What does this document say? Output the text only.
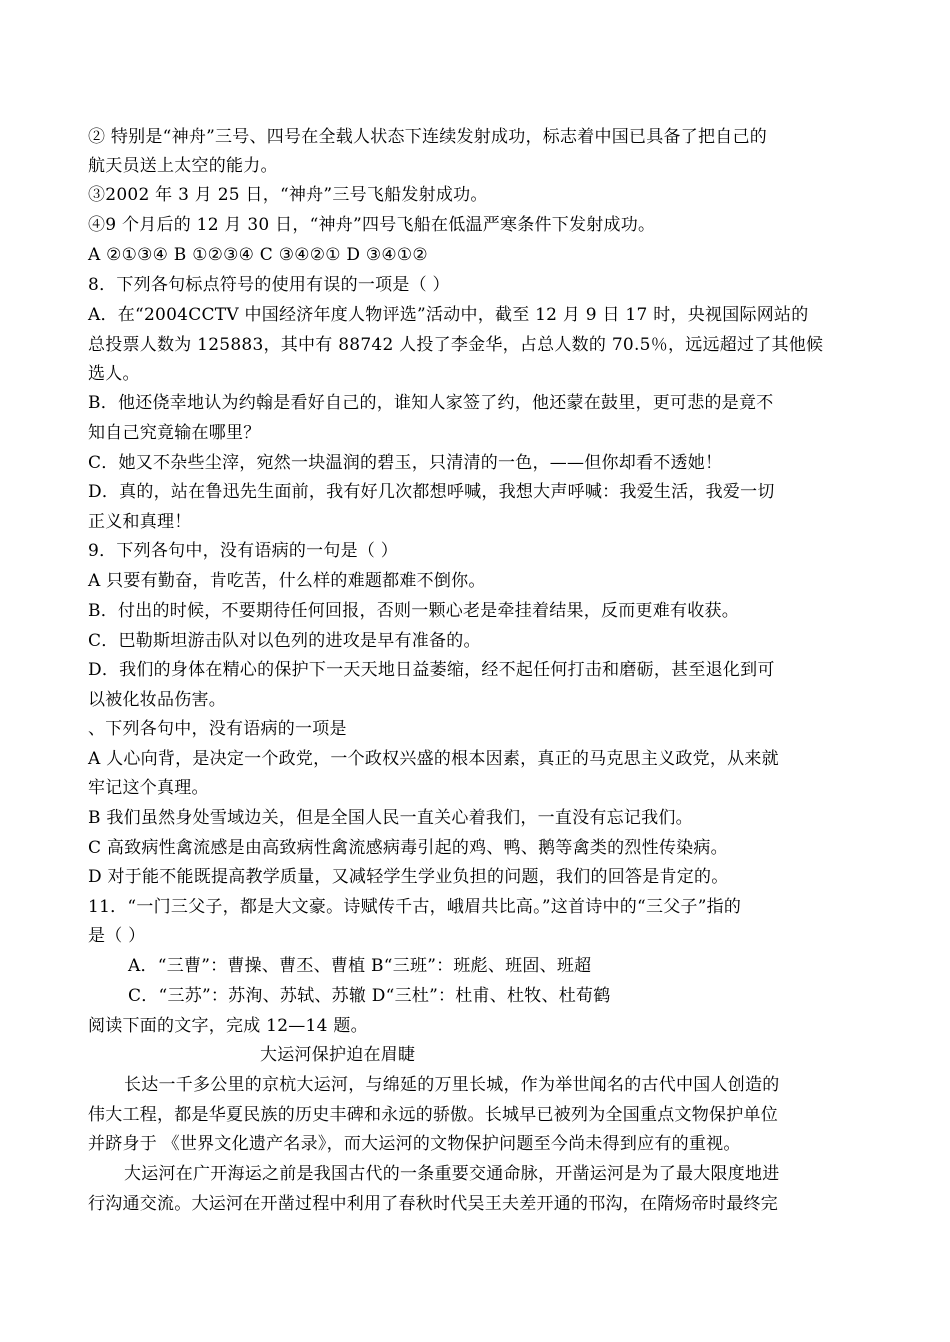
② 特别是“神舟”三号、四号在全载人状态下连续发射成功，标志着中国已具备了把自己的
航天员送上太空的能力。
③2002 年 3 月 25 日，“神舟”三号飞船发射成功。
④9 个月后的 12 月 30 日，“神舟”四号飞船在低温严寒条件下发射成功。
A ②①③④ B ①②③④ C ③④②① D ③④①②
8．下列各句标点符号的使用有误的一项是（ ）
A．在“2004CCTV 中国经济年度人物评选”活动中，截至 12 月 9 日 17 时，央视国际网站的
总投票人数为 125883，其中有 88742 人投了李金华，占总人数的 70.5％，远远超过了其他候
选人。
B．他还侥幸地认为约翰是看好自己的，谁知人家签了约，他还蒙在鼓里，更可悲的是竟不
知自己究竟输在哪里？
C．她又不杂些尘滓，宛然一块温润的碧玉，只清清的一色，——但你却看不透她！
D．真的，站在鲁迅先生面前，我有好几次都想呼喊，我想大声呼喊：我爱生活，我爱一切
正义和真理！
9．下列各句中，没有语病的一句是（ ）
A 只要有勤奋，肯吃苦，什么样的难题都难不倒你。
B．付出的时候，不要期待任何回报，否则一颗心老是牵挂着结果，反而更难有收获。
C．巴勒斯坦游击队对以色列的进攻是早有准备的。
D．我们的身体在精心的保护下一天天地日益萎缩，经不起任何打击和磨砺，甚至退化到可
以被化妆品伤害。
、下列各句中，没有语病的一项是
A 人心向背，是决定一个政党，一个政权兴盛的根本因素，真正的马克思主义政党，从来就
牢记这个真理。
B 我们虽然身处雪域边关，但是全国人民一直关心着我们，一直没有忘记我们。
C 高致病性禽流感是由高致病性禽流感病毒引起的鸡、鸭、鹅等禽类的烈性传染病。
D 对于能不能既提高教学质量，又减轻学生学业负担的问题，我们的回答是肯定的。
11．“一门三父子，都是大文豪。诗赋传千古，峨眉共比高。”这首诗中的“三父子”指的
是（ ）
A．“三曹”：曹操、曹丕、曹植 B“三班”：班彪、班固、班超
C．“三苏”：苏洵、苏轼、苏辙 D“三杜”：杜甫、杜牧、杜荀鹤
阅读下面的文字，完成 12—14 题。
大运河保护迫在眉睫
长达一千多公里的京杭大运河，与绵延的万里长城，作为举世闻名的古代中国人创造的
伟大工程，都是华夏民族的历史丰碑和永远的骄傲。长城早已被列为全国重点文物保护单位
并跻身于 《世界文化遗产名录》，而大运河的文物保护问题至今尚未得到应有的重视。
大运河在广开海运之前是我国古代的一条重要交通命脉，开凿运河是为了最大限度地进
行沟通交流。大运河在开凿过程中利用了春秋时代吴王夫差开通的邗沟，在隋炀帝时最终完
